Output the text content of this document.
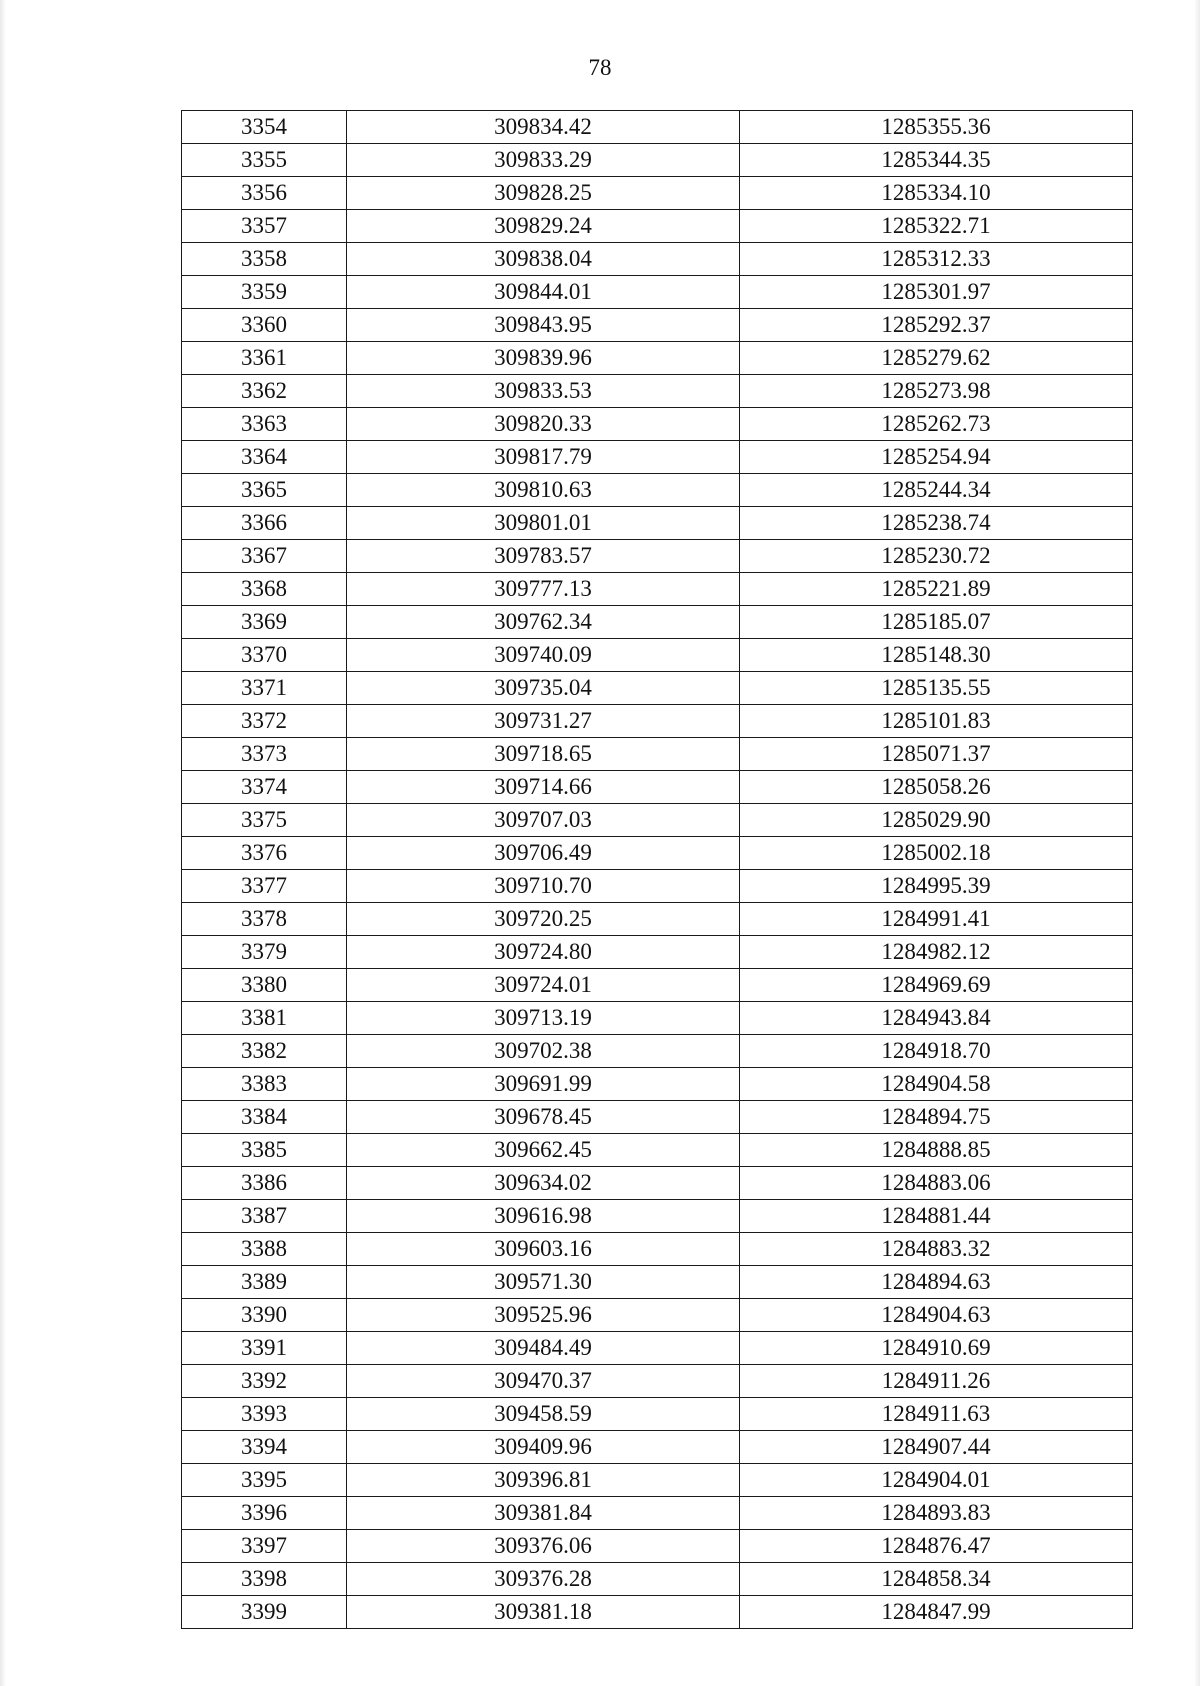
78
3354	309834.42	1285355.36
3355	309833.29	1285344.35
3356	309828.25	1285334.10
3357	309829.24	1285322.71
3358	309838.04	1285312.33
3359	309844.01	1285301.97
3360	309843.95	1285292.37
3361	309839.96	1285279.62
3362	309833.53	1285273.98
3363	309820.33	1285262.73
3364	309817.79	1285254.94
3365	309810.63	1285244.34
3366	309801.01	1285238.74
3367	309783.57	1285230.72
3368	309777.13	1285221.89
3369	309762.34	1285185.07
3370	309740.09	1285148.30
3371	309735.04	1285135.55
3372	309731.27	1285101.83
3373	309718.65	1285071.37
3374	309714.66	1285058.26
3375	309707.03	1285029.90
3376	309706.49	1285002.18
3377	309710.70	1284995.39
3378	309720.25	1284991.41
3379	309724.80	1284982.12
3380	309724.01	1284969.69
3381	309713.19	1284943.84
3382	309702.38	1284918.70
3383	309691.99	1284904.58
3384	309678.45	1284894.75
3385	309662.45	1284888.85
3386	309634.02	1284883.06
3387	309616.98	1284881.44
3388	309603.16	1284883.32
3389	309571.30	1284894.63
3390	309525.96	1284904.63
3391	309484.49	1284910.69
3392	309470.37	1284911.26
3393	309458.59	1284911.63
3394	309409.96	1284907.44
3395	309396.81	1284904.01
3396	309381.84	1284893.83
3397	309376.06	1284876.47
3398	309376.28	1284858.34
3399	309381.18	1284847.99
